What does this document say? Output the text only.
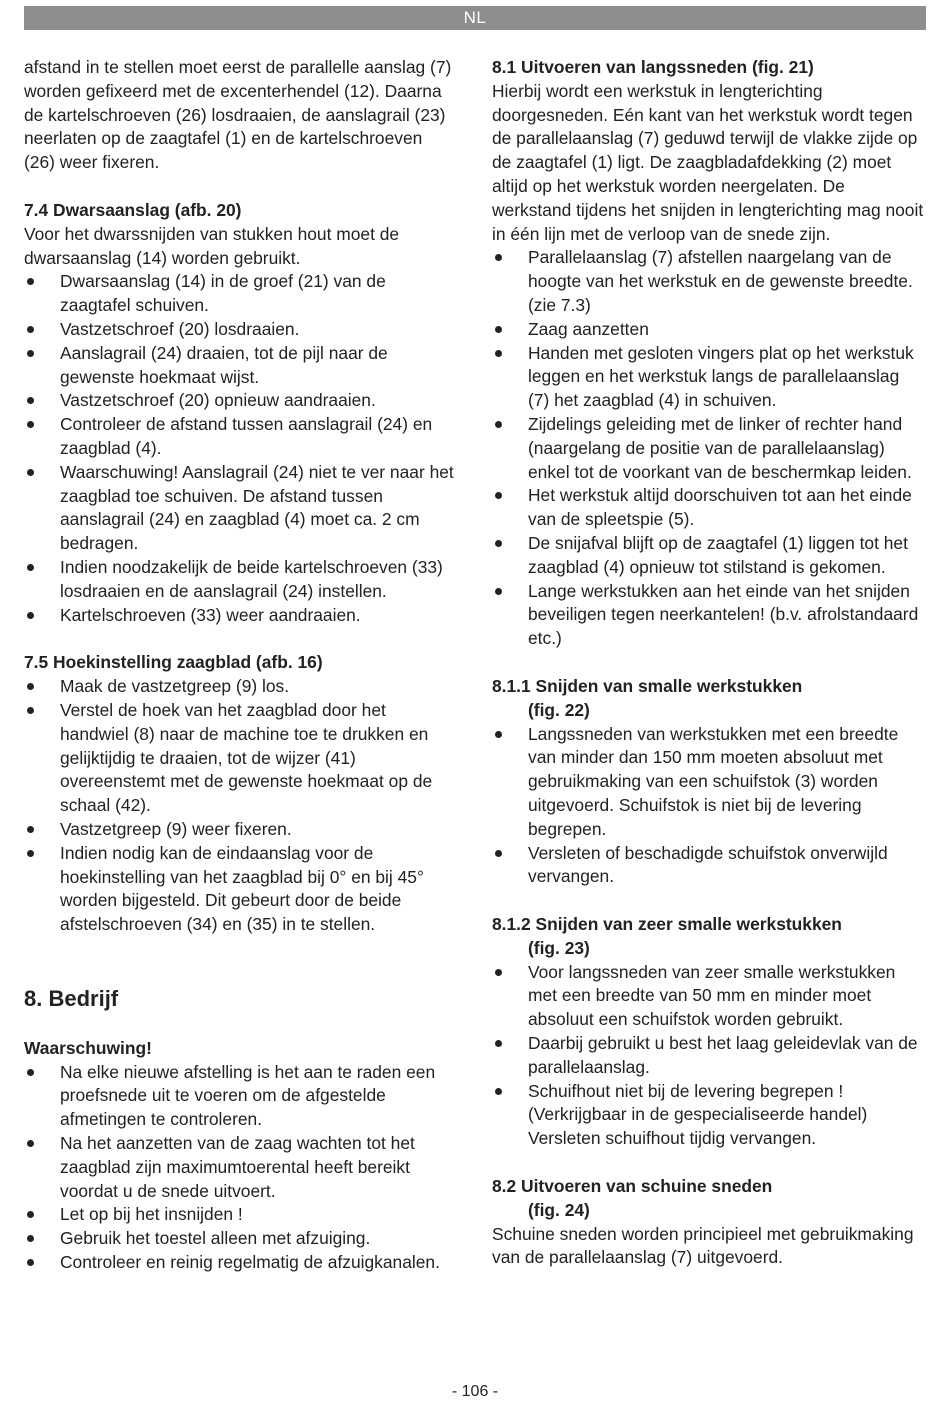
NL

afstand in te stellen moet eerst de parallelle aanslag (7) worden gefixeerd met de excenterhendel (12). Daarna de kartelschroeven (26) losdraaien, de aanslagrail (23) neerlaten op de zaagtafel (1) en de kartelschroeven (26) weer fixeren.

7.4 Dwarsaanslag (afb. 20)

Voor het dwarssnijden van stukken hout moet de dwarsaanslag (14) worden gebruikt.

Dwarsaanslag (14) in de groef (21) van de zaagtafel schuiven.
Vastzetschroef (20) losdraaien.
Aanslagrail (24) draaien, tot de pijl naar de gewenste hoekmaat wijst.
Vastzetschroef (20) opnieuw aandraaien.
Controleer de afstand tussen aanslagrail (24) en zaagblad (4).
Waarschuwing! Aanslagrail (24) niet te ver naar het zaagblad toe schuiven. De afstand tussen aanslagrail (24) en zaagblad (4) moet ca. 2 cm bedragen.
Indien noodzakelijk de beide kartelschroeven (33) losdraaien en de aanslagrail (24) instellen.
Kartelschroeven (33) weer aandraaien.

7.5 Hoekinstelling zaagblad (afb. 16)

Maak de vastzetgreep (9) los.
Verstel de hoek van het zaagblad door het handwiel (8) naar de machine toe te drukken en gelijktijdig te draaien, tot de wijzer (41) overeenstemt met de gewenste hoekmaat op de schaal (42).
Vastzetgreep (9) weer fixeren.
Indien nodig kan de eindaanslag voor de hoekinstelling van het zaagblad bij 0° en bij 45° worden bijgesteld. Dit gebeurt door de beide afstelschroeven (34) en (35) in te stellen.

8. Bedrijf

Waarschuwing!

Na elke nieuwe afstelling is het aan te raden een proefsnede uit te voeren om de afgestelde afmetingen te controleren.
Na het aanzetten van de zaag wachten tot het zaagblad zijn maximumtoerental heeft bereikt voordat u de snede uitvoert.
Let op bij het insnijden !
Gebruik het toestel alleen met afzuiging.
Controleer en reinig regelmatig de afzuigkanalen.

8.1 Uitvoeren van langssneden (fig. 21)

Hierbij wordt een werkstuk in lengterichting doorgesneden. Eén kant van het werkstuk wordt tegen de parallelaanslag (7) geduwd terwijl de vlakke zijde op de zaagtafel (1) ligt. De zaagbladafdekking (2) moet altijd op het werkstuk worden neergelaten. De werkstand tijdens het snijden in lengterichting mag nooit in één lijn met de verloop van de snede zijn.

Parallelaanslag (7) afstellen naargelang van de hoogte van het werkstuk en de gewenste breedte. (zie 7.3)
Zaag aanzetten
Handen met gesloten vingers plat op het werkstuk leggen en het werkstuk langs de parallelaanslag (7) het zaagblad (4) in schuiven.
Zijdelings geleiding met de linker of rechter hand (naargelang de positie van de parallelaanslag) enkel tot de voorkant van de beschermkap leiden.
Het werkstuk altijd doorschuiven tot aan het einde van de spleetspie (5).
De snijafval blijft op de zaagtafel (1) liggen tot het zaagblad (4) opnieuw tot stilstand is gekomen.
Lange werkstukken aan het einde van het snijden beveiligen tegen neerkantelen! (b.v. afrolstandaard etc.)

8.1.1 Snijden van smalle werkstukken

(fig. 22)

Langssneden van werkstukken met een breedte van minder dan 150 mm moeten absoluut met gebruikmaking van een schuifstok (3) worden uitgevoerd. Schuifstok is niet bij de levering begrepen.
Versleten of beschadigde schuifstok onverwijld vervangen.

8.1.2 Snijden van zeer smalle werkstukken

(fig. 23)

Voor langssneden van zeer smalle werkstukken met een breedte van 50 mm en minder moet absoluut een schuifstok worden gebruikt.
Daarbij gebruikt u best het laag geleidevlak van de parallelaanslag.
Schuifhout niet bij de levering begrepen ! (Verkrijgbaar in de gespecialiseerde handel) Versleten schuifhout tijdig vervangen.

8.2 Uitvoeren van schuine sneden

(fig. 24)

Schuine sneden worden principieel met gebruikmaking van de parallelaanslag (7) uitgevoerd.

- 106 -
